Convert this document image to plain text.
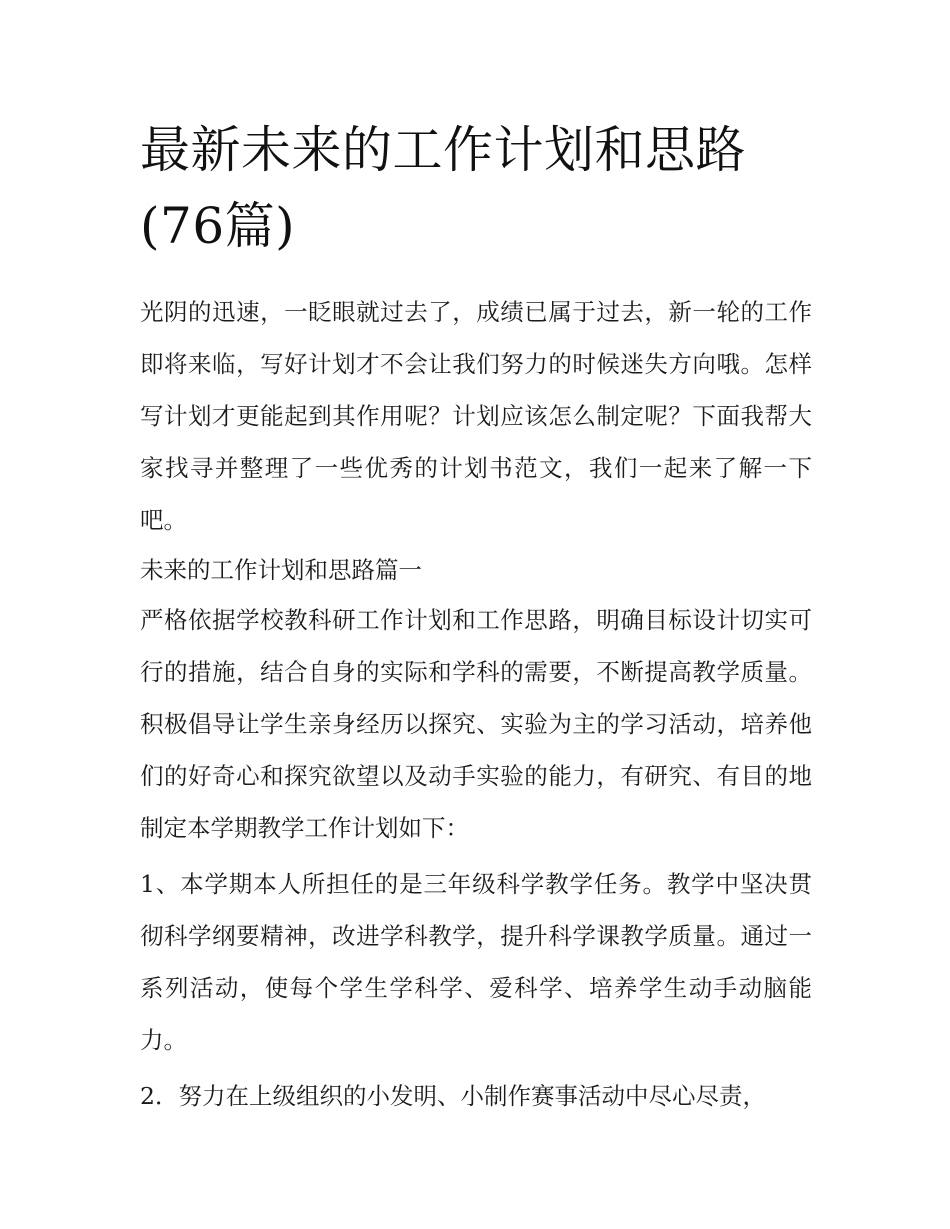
最新未来的工作计划和思路(76篇)

光阴的迅速，一眨眼就过去了，成绩已属于过去，新一轮的工作即将来临，写好计划才不会让我们努力的时候迷失方向哦。怎样写计划才更能起到其作用呢？计划应该怎么制定呢？下面我帮大家找寻并整理了一些优秀的计划书范文，我们一起来了解一下吧。

未来的工作计划和思路篇一

严格依据学校教科研工作计划和工作思路，明确目标设计切实可行的措施，结合自身的实际和学科的需要，不断提高教学质量。积极倡导让学生亲身经历以探究、实验为主的学习活动，培养他们的好奇心和探究欲望以及动手实验的能力，有研究、有目的地制定本学期教学工作计划如下：

1、本学期本人所担任的是三年级科学教学任务。教学中坚决贯彻科学纲要精神，改进学科教学，提升科学课教学质量。通过一系列活动，使每个学生学科学、爱科学、培养学生动手动脑能力。

2．努力在上级组织的小发明、小制作赛事活动中尽心尽责，
